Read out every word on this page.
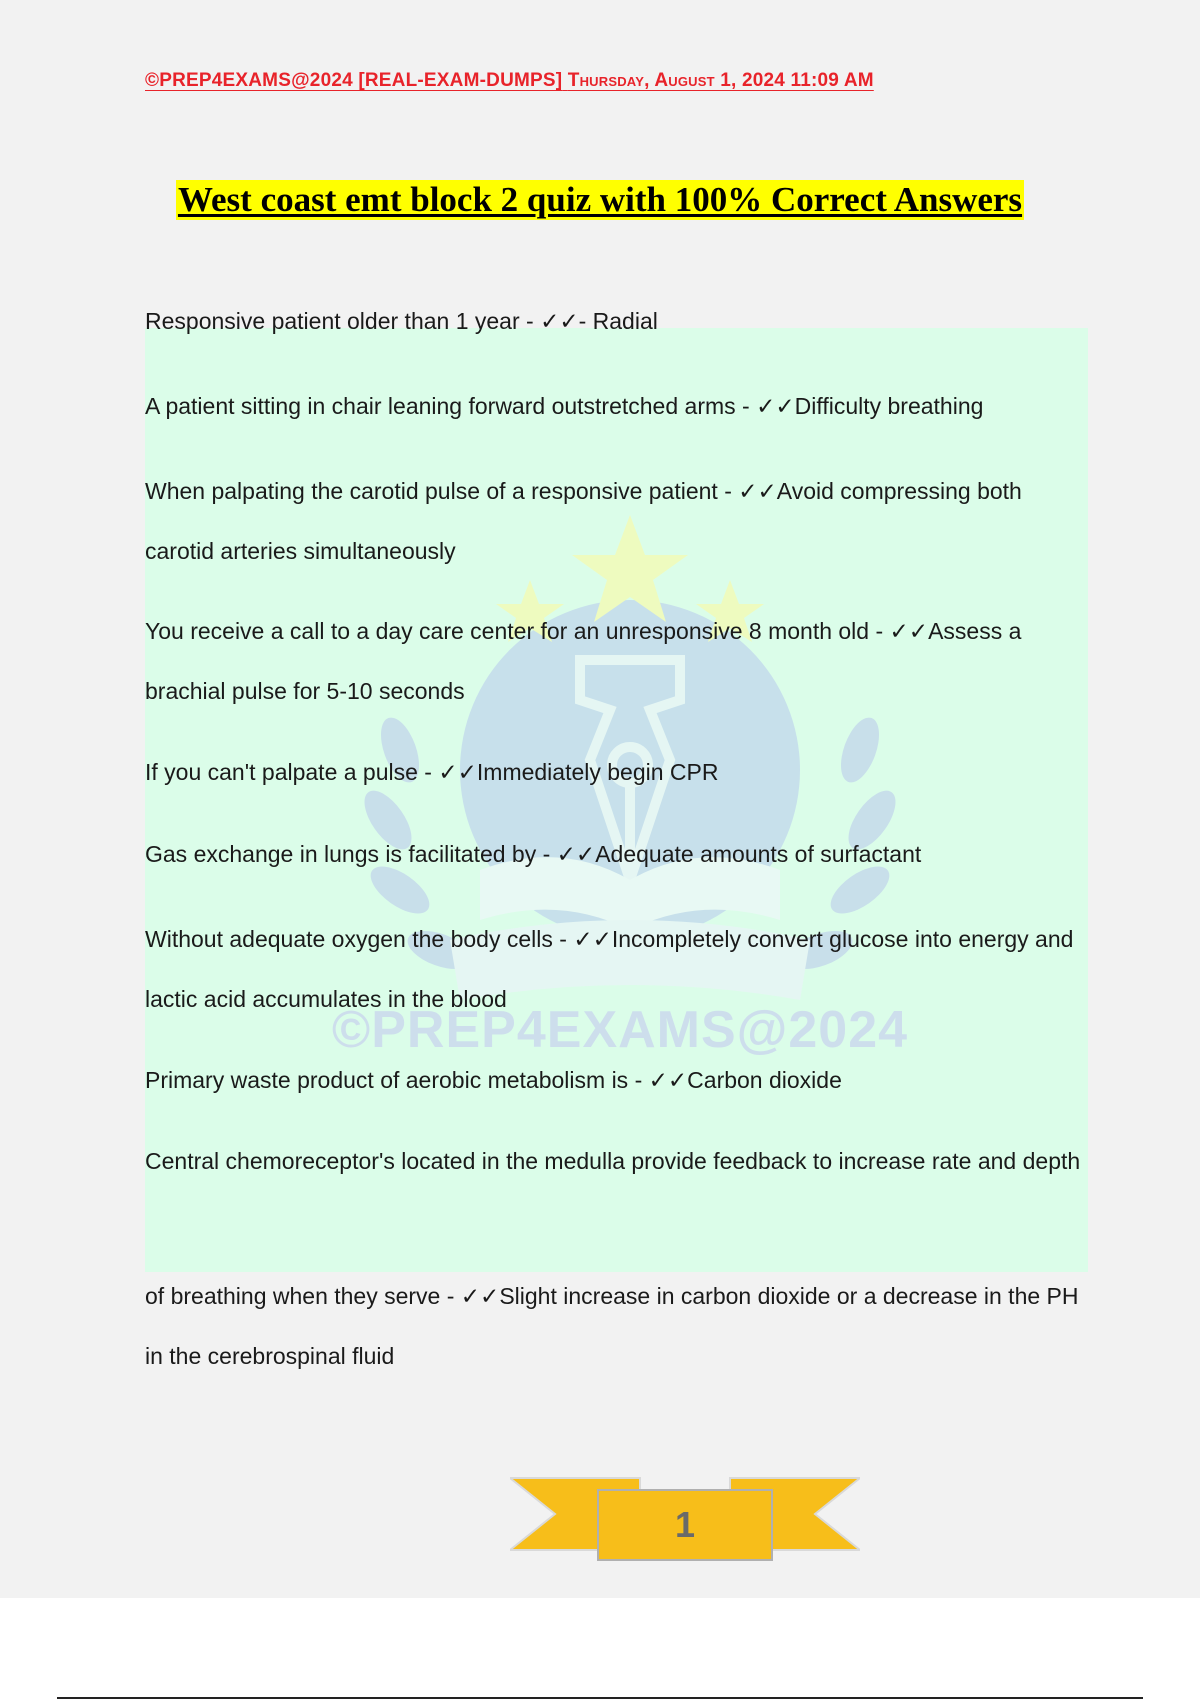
©PREP4EXAMS@2024 [REAL-EXAM-DUMPS] Thursday, August 1, 2024 11:09 AM
West coast emt block 2 quiz with 100% Correct Answers
©PREP4EXAMS@2024
Responsive patient older than 1 year - ✓✓- Radial
A patient sitting in chair leaning forward outstretched arms - ✓✓Difficulty breathing
When palpating the carotid pulse of a responsive patient - ✓✓Avoid compressing both carotid arteries simultaneously
You receive a call to a day care center for an unresponsive 8 month old - ✓✓Assess a brachial pulse for 5-10 seconds
If you can't palpate a pulse - ✓✓Immediately begin CPR
Gas exchange in lungs is facilitated by - ✓✓Adequate amounts of surfactant
Without adequate oxygen the body cells - ✓✓Incompletely convert glucose into energy and lactic acid accumulates in the blood
Primary waste product of aerobic metabolism is - ✓✓Carbon dioxide
Central chemoreceptor's located in the medulla provide feedback to increase rate and depth
of breathing when they serve - ✓✓Slight increase in carbon dioxide or a decrease in the PH in the cerebrospinal fluid
1
